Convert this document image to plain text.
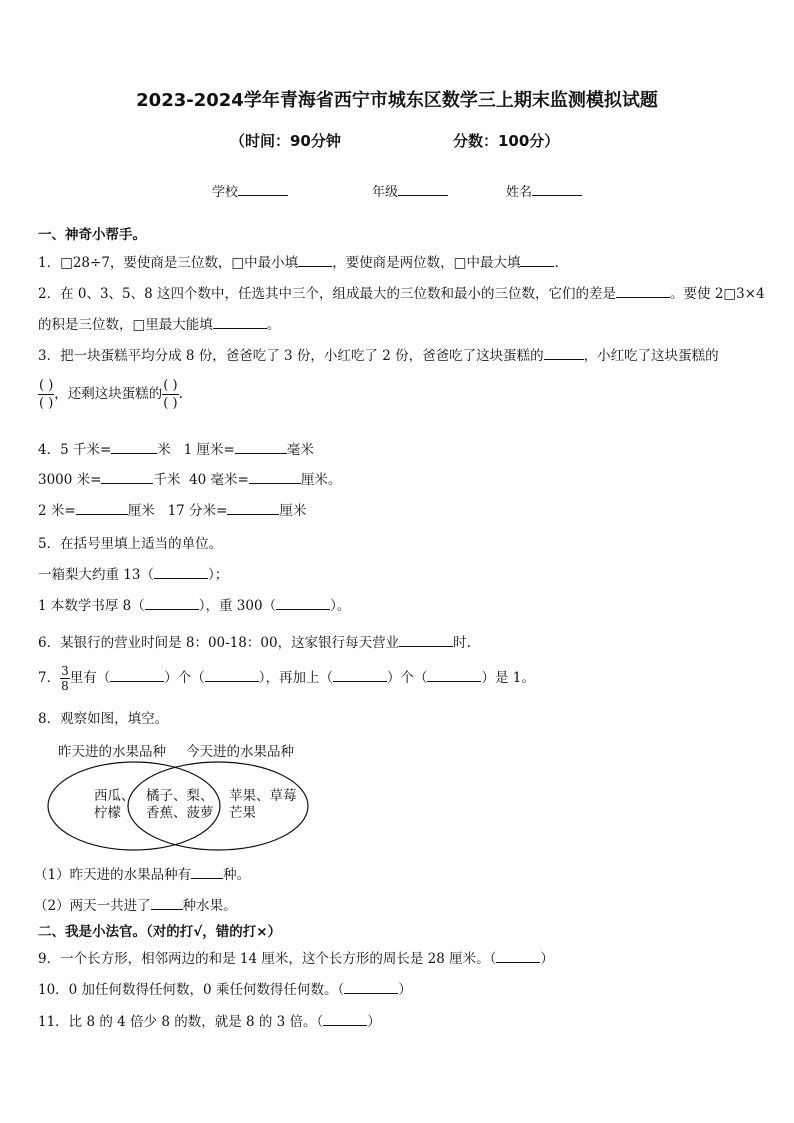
2023-2024学年青海省西宁市城东区数学三上期末监测模拟试题
（时间：90分钟	分数：100分）
学校	年级	姓名
一、神奇小帮手。
1．□28÷7，要使商是三位数，□中最小填	，要使商是两位数，□中最大填	.
2．在 0、3、5、8 这四个数中，任选其中三个，组成最大的三位数和最小的三位数，它们的差是	。要使 2□3×4
的积是三位数，□里最大能填	。
3．把一块蛋糕平均分成 8 份，爸爸吃了 3 份，小红吃了 2 份，爸爸吃了这块蛋糕的	，小红吃了这块蛋糕的
$\frac{( )}{( )}$ ，还剩这块蛋糕的 $\frac{( )}{( )}$ .
4．5 千米=	米 1 厘米=	毫米
3000 米=	千米 40 毫米=	厘米。
2 米=	厘米 17 分米=	厘米
5．在括号里填上适当的单位。
一箱梨大约重 13（	）；
1 本数学书厚 8（	），重 300（	）。
6．某银行的营业时间是 8：00-18：00，这家银行每天营业	时.
7． $\frac{3}{8}$ 里有（	）个（	），再加上（	）个（	）是 1。
8．观察如图，填空。
昨天进的水果品种 今天进的水果品种
西瓜、
柠檬
橘子、梨、
香蕉、菠萝
苹果、草莓
芒果
（1）昨天进的水果品种有 种。
（2）两天一共进了 种水果。
二、我是小法官。（对的打√，错的打×）
9．一个长方形，相邻两边的和是 14 厘米，这个长方形的周长是 28 厘米。（	）
10．0 加任何数得任何数，0 乘任何数得任何数。（	）
11．比 8 的 4 倍少 8 的数，就是 8 的 3 倍。（	）
